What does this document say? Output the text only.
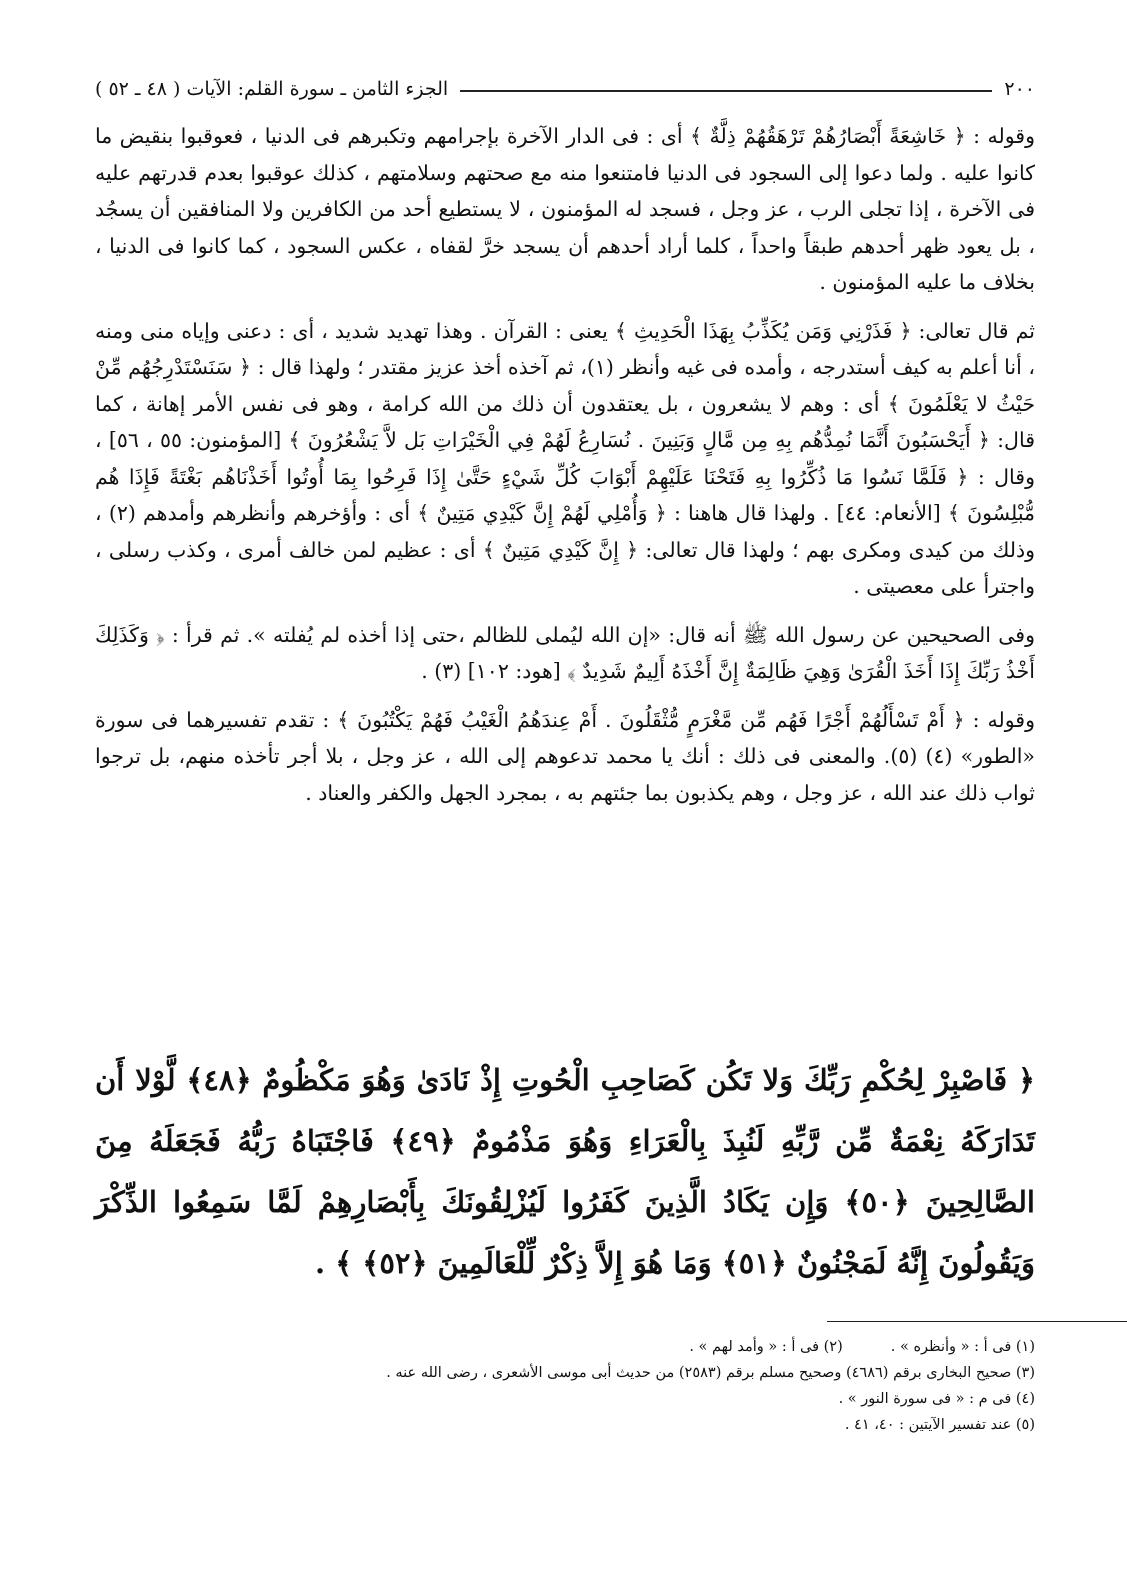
٢٠٠
الجزء الثامن ـ سورة القلم: الآيات ( ٤٨ ـ ٥٢ )

وقوله : ﴿ خَاشِعَةً أَبْصَارُهُمْ تَرْهَقُهُمْ ذِلَّةٌ ﴾ أى : فى الدار الآخرة بإجرامهم وتكبرهم فى الدنيا ، فعوقبوا بنقيض ما كانوا عليه . ولما دعوا إلى السجود فى الدنيا فامتنعوا منه مع صحتهم وسلامتهم ، كذلك عوقبوا بعدم قدرتهم عليه فى الآخرة ، إذا تجلى الرب ، عز وجل ، فسجد له المؤمنون ، لا يستطيع أحد من الكافرين ولا المنافقين أن يسجُد ، بل يعود ظهر أحدهم طبقاً واحداً ، كلما أراد أحدهم أن يسجد خرَّ لقفاه ، عكس السجود ، كما كانوا فى الدنيا ، بخلاف ما عليه المؤمنون .

ثم قال تعالى: ﴿ فَذَرْنِي وَمَن يُكَذِّبُ بِهَذَا الْحَدِيثِ ﴾ يعنى : القرآن . وهذا تهديد شديد ، أى : دعنى وإياه منى ومنه ، أنا أعلم به كيف أستدرجه ، وأمده فى غيه وأنظر (١)، ثم آخذه أخذ عزيز مقتدر ؛ ولهذا قال : ﴿ سَنَسْتَدْرِجُهُم مِّنْ حَيْثُ لا يَعْلَمُونَ ﴾ أى : وهم لا يشعرون ، بل يعتقدون أن ذلك من الله كرامة ، وهو فى نفس الأمر إهانة ، كما قال: ﴿ أَيَحْسَبُونَ أَنَّمَا نُمِدُّهُم بِهِ مِن مَّالٍ وَبَنِينَ . نُسَارِعُ لَهُمْ فِي الْخَيْرَاتِ بَل لاَّ يَشْعُرُونَ ﴾ [المؤمنون: ٥٥ ، ٥٦] ، وقال : ﴿ فَلَمَّا نَسُوا مَا ذُكِّرُوا بِهِ فَتَحْنَا عَلَيْهِمْ أَبْوَابَ كُلِّ شَيْءٍ حَتَّىٰ إِذَا فَرِحُوا بِمَا أُوتُوا أَخَذْنَاهُم بَغْتَةً فَإِذَا هُم مُّبْلِسُونَ ﴾ [الأنعام: ٤٤] . ولهذا قال هاهنا : ﴿ وَأُمْلِي لَهُمْ إِنَّ كَيْدِي مَتِينٌ ﴾ أى : وأؤخرهم وأنظرهم وأمدهم (٢) ، وذلك من كيدى ومكرى بهم ؛ ولهذا قال تعالى: ﴿ إِنَّ كَيْدِي مَتِينٌ ﴾ أى : عظيم لمن خالف أمرى ، وكذب رسلى ، واجترأ على معصيتى .

وفى الصحيحين عن رسول الله ﷺ أنه قال: «إن الله ليُملى للظالم ،حتى إذا أخذه لم يُفلته ». ثم قرأ : ﴿ وَكَذَلِكَ أَخْذُ رَبِّكَ إِذَا أَخَذَ الْقُرَىٰ وَهِيَ ظَالِمَةٌ إِنَّ أَخْذَهُ أَلِيمٌ شَدِيدٌ ﴾ [هود: ١٠٢] (٣) .

وقوله : ﴿ أَمْ تَسْأَلُهُمْ أَجْرًا فَهُم مِّن مَّغْرَمٍ مُّثْقَلُونَ . أَمْ عِندَهُمُ الْغَيْبُ فَهُمْ يَكْتُبُونَ ﴾ : تقدم تفسيرهما فى سورة «الطور» (٤) (٥). والمعنى فى ذلك : أنك يا محمد تدعوهم إلى الله ، عز وجل ، بلا أجر تأخذه منهم، بل ترجوا ثواب ذلك عند الله ، عز وجل ، وهم يكذبون بما جئتهم به ، بمجرد الجهل والكفر والعناد .

﴿ فَاصْبِرْ لِحُكْمِ رَبِّكَ وَلا تَكُن كَصَاحِبِ الْحُوتِ إِذْ نَادَىٰ وَهُوَ مَكْظُومٌ ﴿٤٨﴾ لَّوْلا أَن تَدَارَكَهُ نِعْمَةٌ مِّن رَّبِّهِ لَنُبِذَ بِالْعَرَاءِ وَهُوَ مَذْمُومٌ ﴿٤٩﴾ فَاجْتَبَاهُ رَبُّهُ فَجَعَلَهُ مِنَ الصَّالِحِينَ ﴿٥٠﴾ وَإِن يَكَادُ الَّذِينَ كَفَرُوا لَيُزْلِقُونَكَ بِأَبْصَارِهِمْ لَمَّا سَمِعُوا الذِّكْرَ وَيَقُولُونَ إِنَّهُ لَمَجْنُونٌ ﴿٥١﴾ وَمَا هُوَ إِلاَّ ذِكْرٌ لِّلْعَالَمِينَ ﴿٥٢﴾ ﴾ .

(١) فى أ : « وأنظره » .
(٢) فى أ : « وأمد لهم » .

(٣) صحيح البخارى برقم (٤٦٨٦) وصحيح مسلم برقم (٢٥٨٣) من حديث أبى موسى الأشعرى ، رضى الله عنه .

(٤) فى م : « فى سورة النور » .

(٥) عند تفسير الآيتين : ٤٠، ٤١ .
